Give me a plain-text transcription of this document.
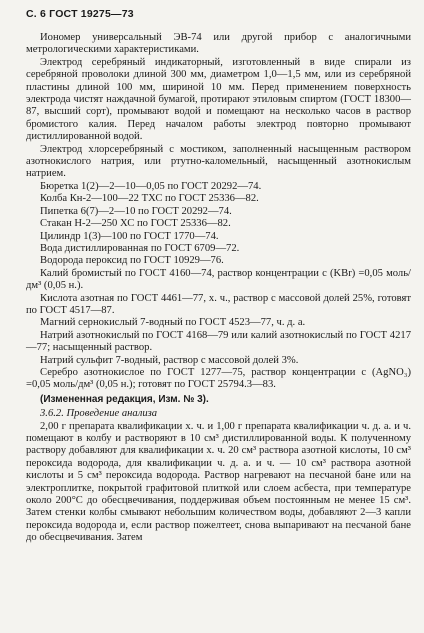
С. 6 ГОСТ 19275—73

Иономер универсальный ЭВ-74 или другой прибор с аналогичными метрологическими характеристиками.

Электрод серебряный индикаторный, изготовленный в виде спирали из серебряной проволоки длиной 300 мм, диаметром 1,0—1,5 мм, или из серебряной пластины длиной 100 мм, шириной 10 мм. Перед применением поверхность электрода чистят наждачной бумагой, протирают этиловым спиртом (ГОСТ 18300—87, высший сорт), промывают водой и помещают на несколько часов в раствор бромистого калия. Перед началом работы электрод повторно промывают дистиллированной водой.

Электрод хлорсеребряный с мостиком, заполненный насыщенным раствором азотнокислого натрия, или ртутно-каломельный, насыщенный азотнокислым натрием.

Бюретка 1(2)—2—10—0,05 по ГОСТ 20292—74.

Колба Кн-2—100—22 ТХС по ГОСТ 25336—82.

Пипетка 6(7)—2—10 по ГОСТ 20292—74.

Стакан Н-2—250 ХС по ГОСТ 25336—82.

Цилиндр 1(3)—100 по ГОСТ 1770—74.

Вода дистиллированная по ГОСТ 6709—72.

Водорода пероксид по ГОСТ 10929—76.

Калий бромистый по ГОСТ 4160—74, раствор концентрации с (KBr) =0,05 моль/дм³ (0,05 н.).

Кислота азотная по ГОСТ 4461—77, х. ч., раствор с массовой долей 25%, готовят по ГОСТ 4517—87.

Магний сернокислый 7-водный по ГОСТ 4523—77, ч. д. а.

Натрий азотнокислый по ГОСТ 4168—79 или калий азотнокислый по ГОСТ 4217—77; насыщенный раствор.

Натрий сульфит 7-водный, раствор с массовой долей 3%.

Серебро азотнокислое по ГОСТ 1277—75, раствор концентрации с (AgNO₃) =0,05 моль/дм³ (0,05 н.); готовят по ГОСТ 25794.3—83.

(Измененная редакция, Изм. № 3).

3.6.2. Проведение анализа

2,00 г препарата квалификации х. ч. и 1,00 г препарата квалификации ч. д. а. и ч. помещают в колбу и растворяют в 10 см³ дистиллированной воды. К полученному раствору добавляют для квалификации х. ч. 20 см³ раствора азотной кислоты, 10 см³ пероксида водорода, для квалификации ч. д. а. и ч. — 10 см³ раствора азотной кислоты и 5 см³ пероксида водорода. Раствор нагревают на песчаной бане или на электроплитке, покрытой графитовой плиткой или слоем асбеста, при температуре около 200°С до обесцвечивания, поддерживая объем постоянным не менее 15 см³. Затем стенки колбы смывают небольшим количеством воды, добавляют 2—3 капли пероксида водорода и, если раствор пожелтеет, снова выпаривают на песчаной бане до обесцвечивания. Затем
